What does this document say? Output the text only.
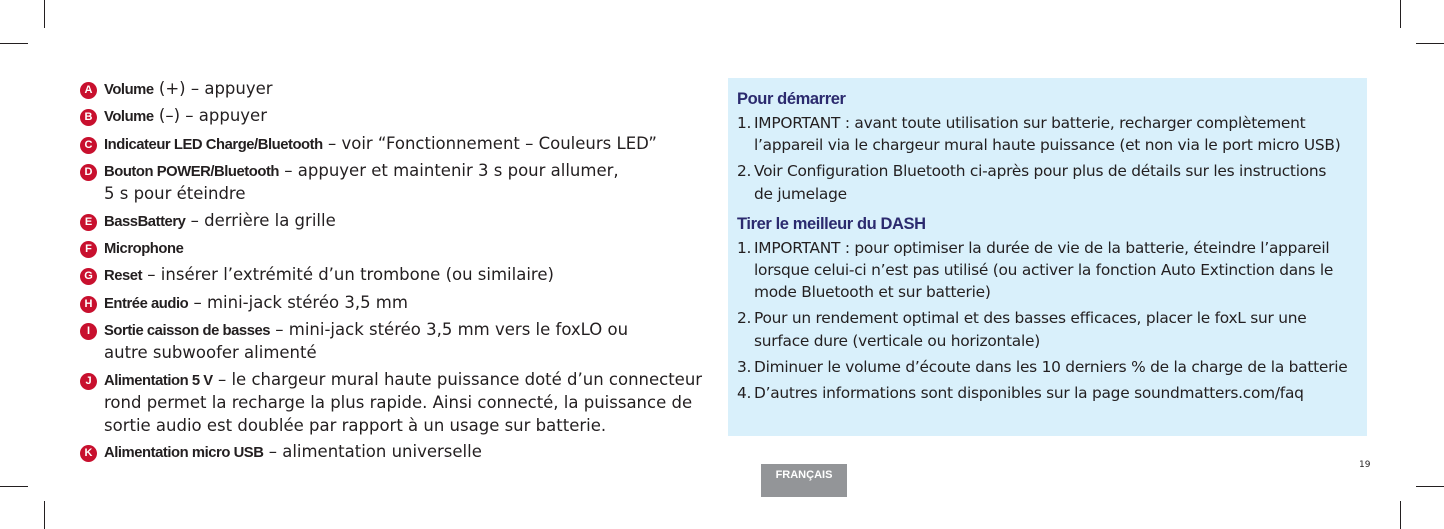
A Volume (+) – appuyer
B Volume (–) – appuyer
C Indicateur LED Charge/Bluetooth – voir “Fonctionnement – Couleurs LED”
D Bouton POWER/Bluetooth – appuyer et maintenir 3 s pour allumer,
5 s pour éteindre
E BassBattery – derrière la grille
F Microphone
G Reset – insérer l’extrémité d’un trombone (ou similaire)
H Entrée audio – mini-jack stéréo 3,5 mm
I Sortie caisson de basses – mini-jack stéréo 3,5 mm vers le foxLO ou
autre subwoofer alimenté
J Alimentation 5 V – le chargeur mural haute puissance doté d’un connecteur
rond permet la recharge la plus rapide. Ainsi connecté, la puissance de
sortie audio est doublée par rapport à un usage sur batterie.
K Alimentation micro USB – alimentation universelle
Pour démarrer
1. IMPORTANT : avant toute utilisation sur batterie, recharger complètement
l’appareil via le chargeur mural haute puissance (et non via le port micro USB)
2. Voir Configuration Bluetooth ci-après pour plus de détails sur les instructions
de jumelage
Tirer le meilleur du DASH
1. IMPORTANT : pour optimiser la durée de vie de la batterie, éteindre l’appareil
lorsque celui-ci n’est pas utilisé (ou activer la fonction Auto Extinction dans le
mode Bluetooth et sur batterie)
2. Pour un rendement optimal et des basses efficaces, placer le foxL sur une
surface dure (verticale ou horizontale)
3. Diminuer le volume d’écoute dans les 10 derniers % de la charge de la batterie
4. D’autres informations sont disponibles sur la page soundmatters.com/faq
FRANÇAIS
19
